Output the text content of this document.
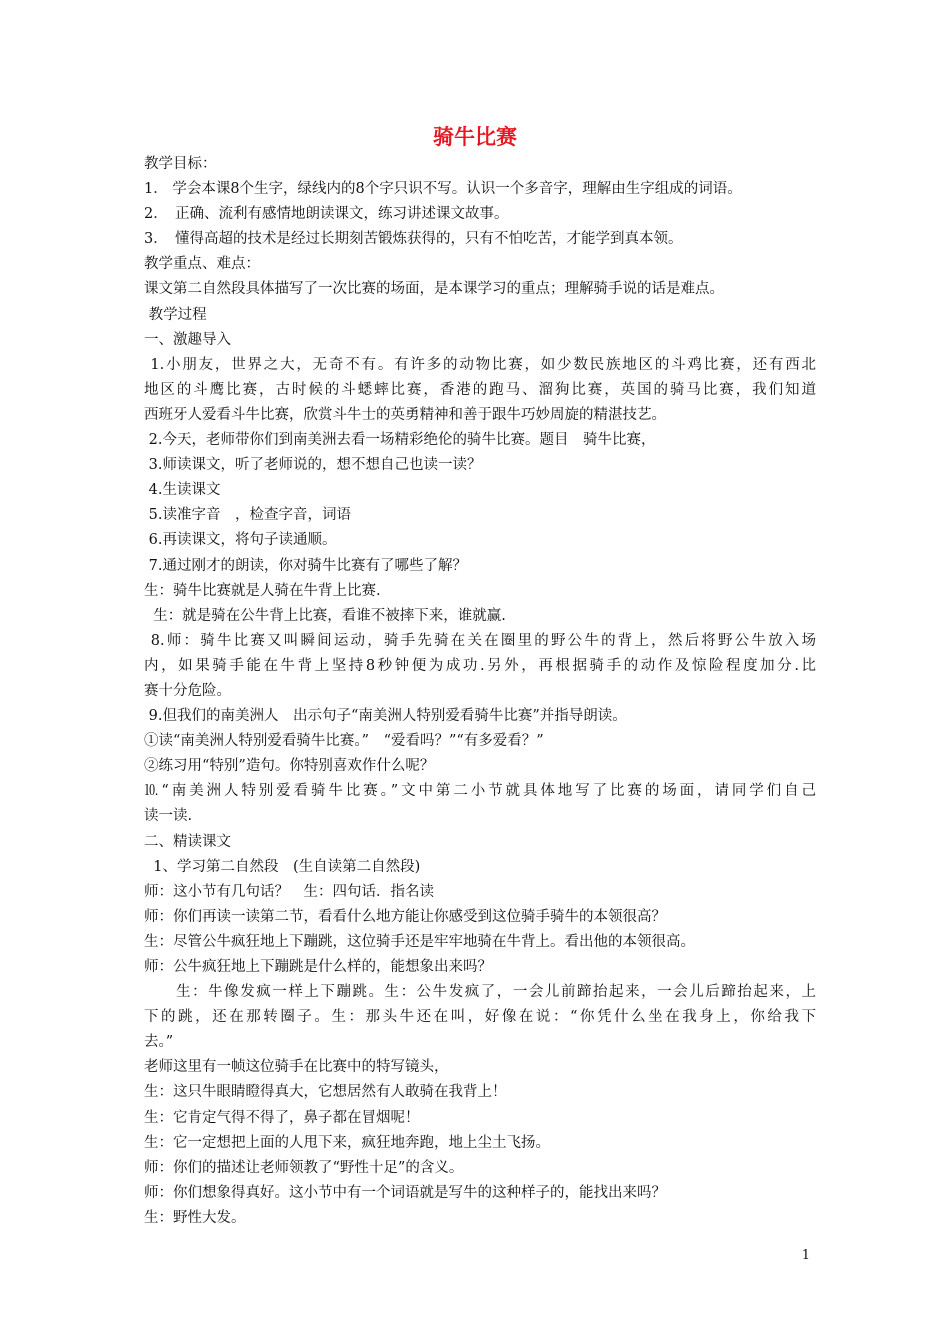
骑牛比赛
教学目标：
1． 学会本课8个生字，绿线内的8个字只识不写。认识一个多音字，理解由生字组成的词语。
2．　正确、流利有感情地朗读课文，练习讲述课文故事。
3．　懂得高超的技术是经过长期刻苦锻炼获得的，只有不怕吃苦，才能学到真本领。
教学重点、难点：
课文第二自然段具体描写了一次比赛的场面，是本课学习的重点；理解骑手说的话是难点。
教学过程
一、激趣导入
1.小朋友，世界之大，无奇不有。有许多的动物比赛，如少数民族地区的斗鸡比赛，还有西北
地区的斗鹰比赛，古时候的斗蟋蟀比赛，香港的跑马、溜狗比赛，英国的骑马比赛，我们知道
西班牙人爱看斗牛比赛，欣赏斗牛士的英勇精神和善于跟牛巧妙周旋的精湛技艺。
2.今天，老师带你们到南美洲去看一场精彩绝伦的骑牛比赛。题目　骑牛比赛，
3.师读课文，听了老师说的，想不想自己也读一读？
4.生读课文
5.读准字音　，检查字音，词语
6.再读课文，将句子读通顺。
7.通过刚才的朗读，你对骑牛比赛有了哪些了解？
生：骑牛比赛就是人骑在牛背上比赛.
生：就是骑在公牛背上比赛，看谁不被摔下来，谁就赢.
8.师：骑牛比赛又叫瞬间运动，骑手先骑在关在圈里的野公牛的背上，然后将野公牛放入场
内，如果骑手能在牛背上坚持8秒钟便为成功.另外，再根据骑手的动作及惊险程度加分.比
赛十分危险。
9.但我们的南美洲人　出示句子“南美洲人特别爱看骑牛比赛”并指导朗读。
①读“南美洲人特别爱看骑牛比赛。”　“爱看吗？”“有多爱看？”
②练习用“特别”造句。你特别喜欢作什么呢？
⒑“南美洲人特别爱看骑牛比赛。”文中第二小节就具体地写了比赛的场面，请同学们自己
读一读.
二、精读课文
1、学习第二自然段　(生自读第二自然段)
师：这小节有几句话？　生：四句话．指名读
师：你们再读一读第二节，看看什么地方能让你感受到这位骑手骑牛的本领很高？
生：尽管公牛疯狂地上下蹦跳，这位骑手还是牢牢地骑在牛背上。看出他的本领很高。
师：公牛疯狂地上下蹦跳是什么样的，能想象出来吗？
　　生：牛像发疯一样上下蹦跳。生：公牛发疯了，一会儿前蹄抬起来，一会儿后蹄抬起来，上
下的跳，还在那转圈子。生：那头牛还在叫，好像在说：“你凭什么坐在我身上，你给我下
去。”
老师这里有一帧这位骑手在比赛中的特写镜头，
生：这只牛眼睛瞪得真大，它想居然有人敢骑在我背上！
生：它肯定气得不得了，鼻子都在冒烟呢！
生：它一定想把上面的人甩下来，疯狂地奔跑，地上尘土飞扬。
师：你们的描述让老师领教了“野性十足”的含义。
师：你们想象得真好。这小节中有一个词语就是写牛的这种样子的，能找出来吗？
生：野性大发。
1
